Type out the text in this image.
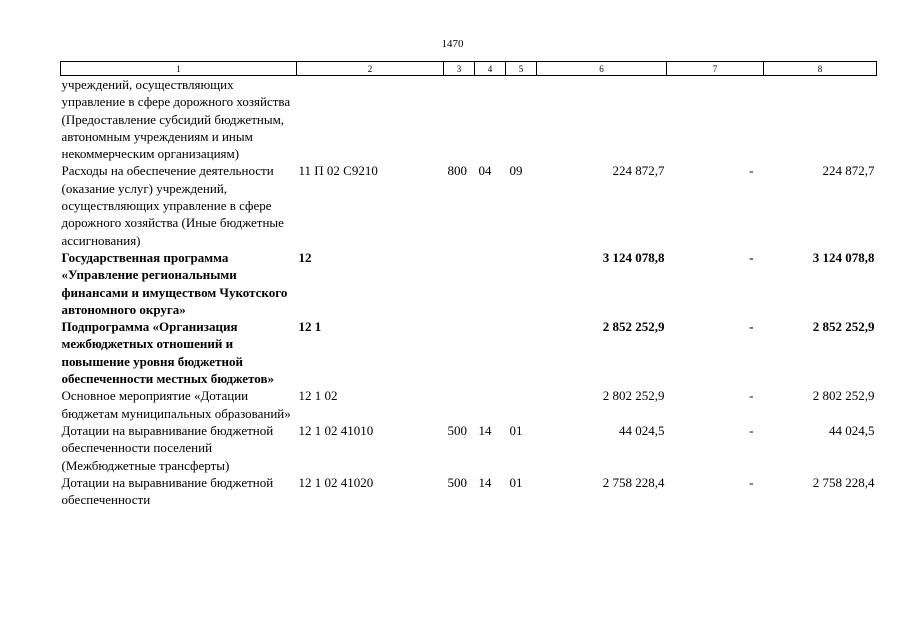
1470
1	2	3	4	5	6	7	8
учреждений, осуществляющих управление в сфере дорожного хозяйства (Предоставление субсидий бюджетным, автономным учреждениям и иным некоммерческим организациям)							
Расходы на обеспечение деятельности (оказание услуг) учреждений, осуществляющих управление в сфере дорожного хозяйства (Иные бюджетные ассигнования)	11 П 02 С9210	800	04	09	224 872,7	-	224 872,7
Государственная программа «Управление региональными финансами и имуществом Чукотского автономного округа»	12				3 124 078,8	-	3 124 078,8
Подпрограмма «Организация межбюджетных отношений и повышение уровня бюджетной обеспеченности местных бюджетов»	12 1				2 852 252,9	-	2 852 252,9
Основное мероприятие «Дотации бюджетам муниципальных образований»	12 1 02				2 802 252,9	-	2 802 252,9
Дотации на выравнивание бюджетной обеспеченности поселений (Межбюджетные трансферты)	12 1 02 41010	500	14	01	44 024,5	-	44 024,5
Дотации на выравнивание бюджетной обеспеченности	12 1 02 41020	500	14	01	2 758 228,4	-	2 758 228,4
